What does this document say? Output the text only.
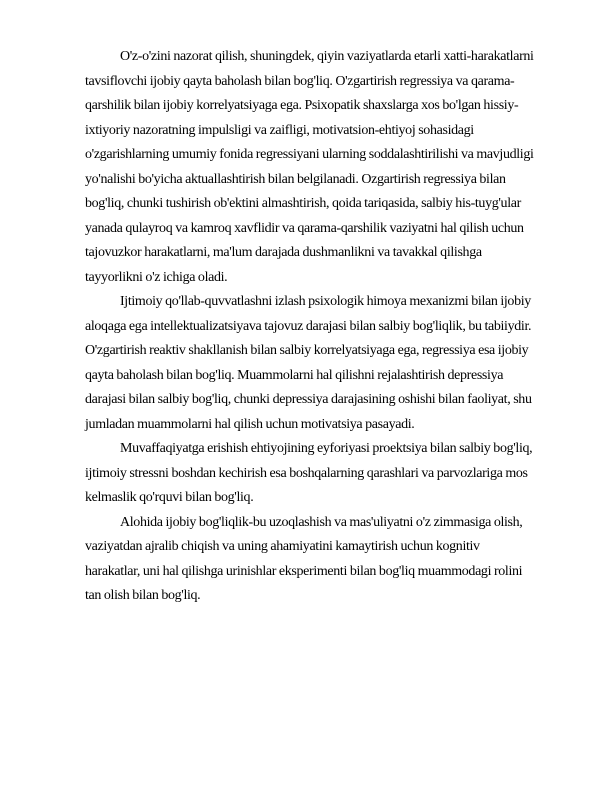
O'z-o'zini nazorat qilish, shuningdek, qiyin vaziyatlarda etarli xatti-harakatlarni
tavsiflovchi ijobiy qayta baholash bilan bog'liq. O'zgartirish regressiya va qarama-
qarshilik bilan ijobiy korrelyatsiyaga ega. Psixopatik shaxslarga xos bo'lgan hissiy-
ixtiyoriy nazoratning impulsligi va zaifligi, motivatsion-ehtiyoj sohasidagi
o'zgarishlarning umumiy fonida regressiyani ularning soddalashtirilishi va mavjudligi
yo'nalishi bo'yicha aktuallashtirish bilan belgilanadi. Ozgartirish regressiya bilan
bog'liq, chunki tushirish ob'ektini almashtirish, qoida tariqasida, salbiy his-tuyg'ular
yanada qulayroq va kamroq xavflidir va qarama-qarshilik vaziyatni hal qilish uchun
tajovuzkor harakatlarni, ma'lum darajada dushmanlikni va tavakkal qilishga
tayyorlikni o'z ichiga oladi.

Ijtimoiy qo'llab-quvvatlashni izlash psixologik himoya mexanizmi bilan ijobiy
aloqaga ega intellektualizatsiyava tajovuz darajasi bilan salbiy bog'liqlik, bu tabiiydir.
O'zgartirish reaktiv shakllanish bilan salbiy korrelyatsiyaga ega, regressiya esa ijobiy
qayta baholash bilan bog'liq. Muammolarni hal qilishni rejalashtirish depressiya
darajasi bilan salbiy bog'liq, chunki depressiya darajasining oshishi bilan faoliyat, shu
jumladan muammolarni hal qilish uchun motivatsiya pasayadi.

Muvaffaqiyatga erishish ehtiyojining eyforiyasi proektsiya bilan salbiy bog'liq,
ijtimoiy stressni boshdan kechirish esa boshqalarning qarashlari va parvozlariga mos
kelmaslik qo'rquvi bilan bog'liq.

Alohida ijobiy bog'liqlik-bu uzoqlashish va mas'uliyatni o'z zimmasiga olish,
vaziyatdan ajralib chiqish va uning ahamiyatini kamaytirish uchun kognitiv
harakatlar, uni hal qilishga urinishlar eksperimenti bilan bog'liq muammodagi rolini
tan olish bilan bog'liq.
